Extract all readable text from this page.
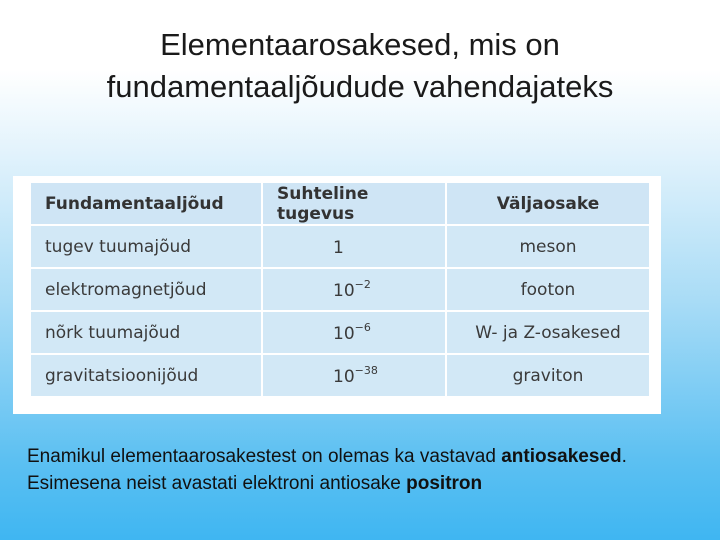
Elementaarosakesed, mis on
fundamentaaljõudude vahendajateks
Fundamentaaljõud	Suhteline tugevus	Väljaosake
tugev tuumajõud	1	meson
elektromagnetjõud	$10^{-2}$	footon
nõrk tuumajõud	$10^{-6}$	W- ja Z-osakesed
gravitatsioonijõud	$10^{-38}$	graviton
Enamikul elementaarosakestest on olemas ka vastavad antiosakesed. Esimesena neist avastati elektroni antiosake positron
